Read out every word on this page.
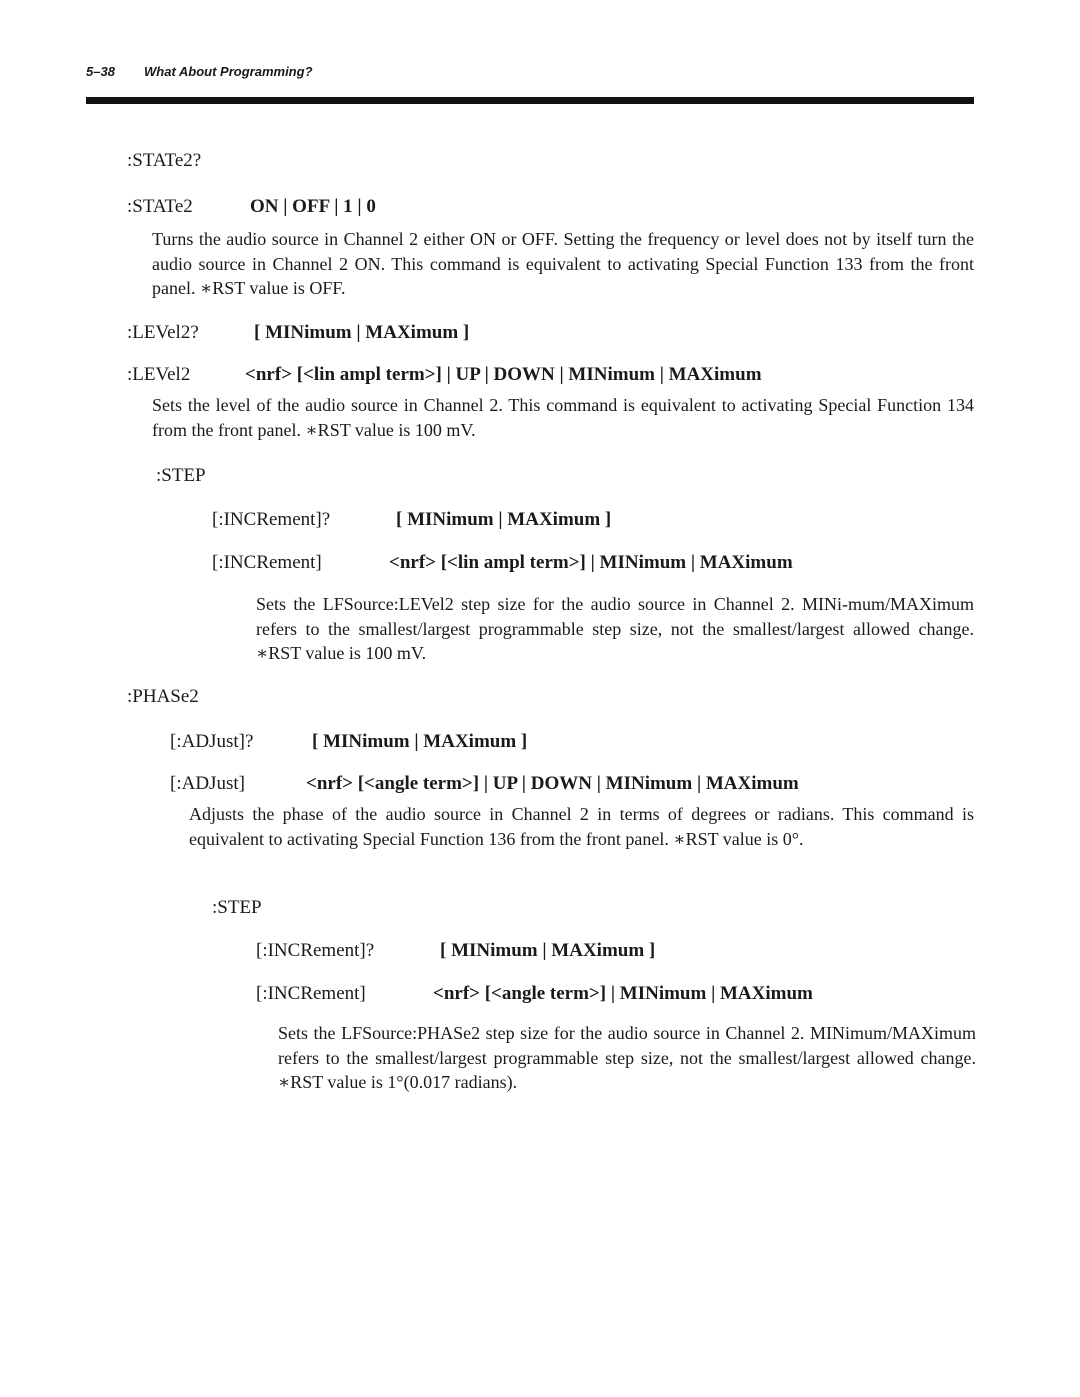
5–38 What About Programming?
:STATe2?
:STATe2	ON | OFF | 1 | 0
Turns the audio source in Channel 2 either ON or OFF. Setting the frequency or level does not by itself turn the audio source in Channel 2 ON. This command is equivalent to activating Special Function 133 from the front panel. ∗RST value is OFF.
:LEVel2?	[ MINimum | MAXimum ]
:LEVel2	<nrf> [<lin ampl term>] | UP | DOWN | MINimum | MAXimum
Sets the level of the audio source in Channel 2. This command is equivalent to activating Special Function 134 from the front panel. ∗RST value is 100 mV.
:STEP
[:INCRement]?	[ MINimum | MAXimum ]
[:INCRement]	<nrf> [<lin ampl term>] | MINimum | MAXimum
Sets the LFSource:LEVel2 step size for the audio source in Channel 2. MINi-mum/MAXimum refers to the smallest/largest programmable step size, not the smallest/largest allowed change. ∗RST value is 100 mV.
:PHASe2
[:ADJust]?	[ MINimum | MAXimum ]
[:ADJust]	<nrf> [<angle term>] | UP | DOWN | MINimum | MAXimum
Adjusts the phase of the audio source in Channel 2 in terms of degrees or radians. This command is equivalent to activating Special Function 136 from the front panel. ∗RST value is 0°.
:STEP
[:INCRement]?	[ MINimum | MAXimum ]
[:INCRement]	<nrf> [<angle term>] | MINimum | MAXimum
Sets the LFSource:PHASe2 step size for the audio source in Channel 2. MINimum/MAXimum refers to the smallest/largest programmable step size, not the smallest/largest allowed change. ∗RST value is 1°(0.017 radians).
